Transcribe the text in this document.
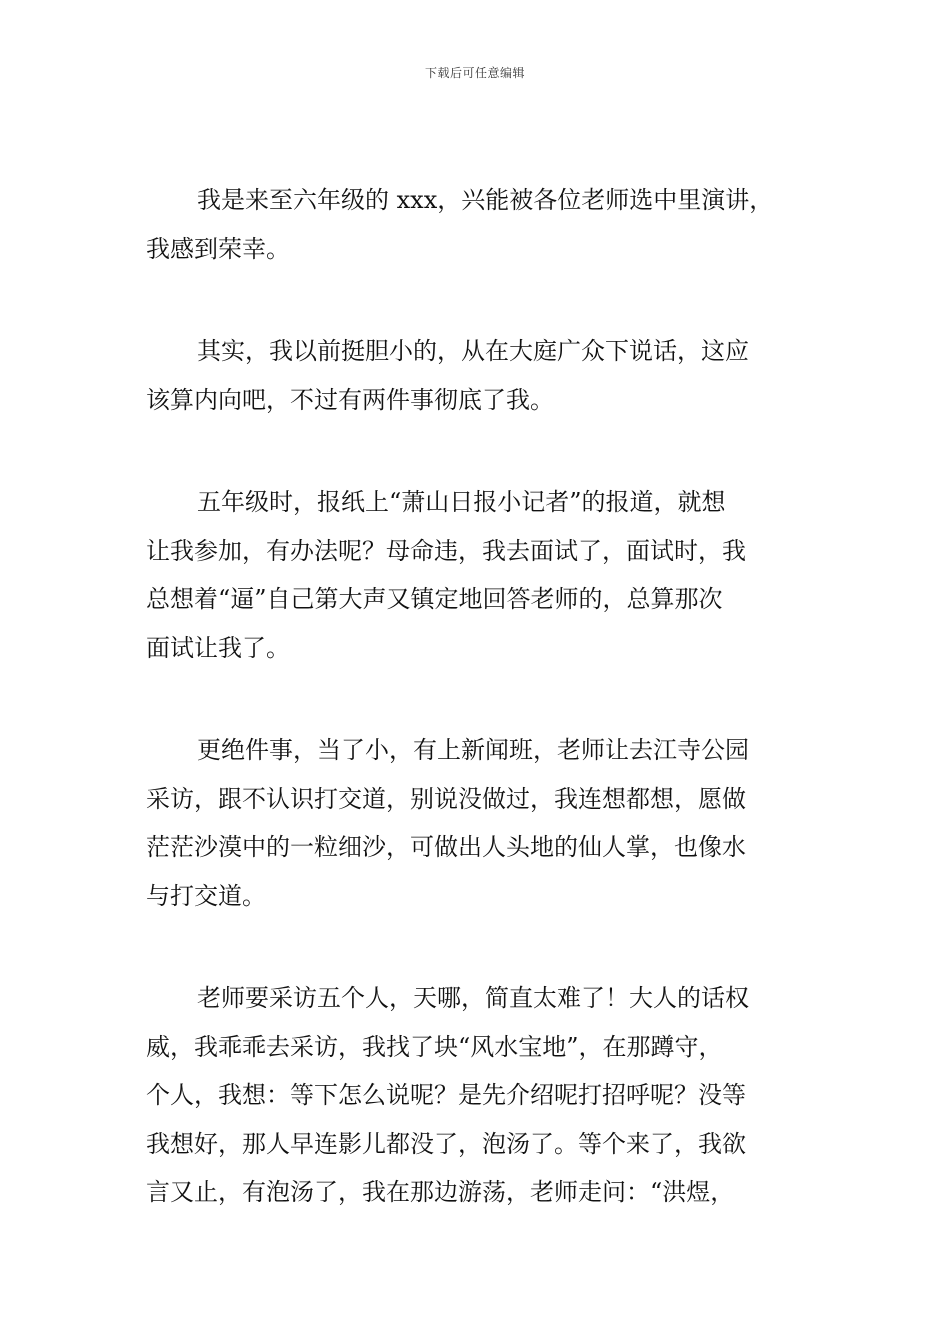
下载后可任意编辑

我是来至六年级的 xxx，兴能被各位老师选中里演讲，
我感到荣幸。

其实，我以前挺胆小的，从在大庭广众下说话，这应
该算内向吧，不过有两件事彻底了我。

五年级时，报纸上“萧山日报小记者”的报道，就想
让我参加，有办法呢？母命违，我去面试了，面试时，我
总想着“逼”自己第大声又镇定地回答老师的，总算那次
面试让我了。

更绝件事，当了小，有上新闻班，老师让去江寺公园
采访，跟不认识打交道，别说没做过，我连想都想，愿做
茫茫沙漠中的一粒细沙，可做出人头地的仙人掌，也像水
与打交道。

老师要采访五个人，天哪，简直太难了！大人的话权
威，我乖乖去采访，我找了块“风水宝地”，在那蹲守，
个人，我想：等下怎么说呢？是先介绍呢打招呼呢？没等
我想好，那人早连影儿都没了，泡汤了。等个来了，我欲
言又止，有泡汤了，我在那边游荡，老师走问：“洪煜，
